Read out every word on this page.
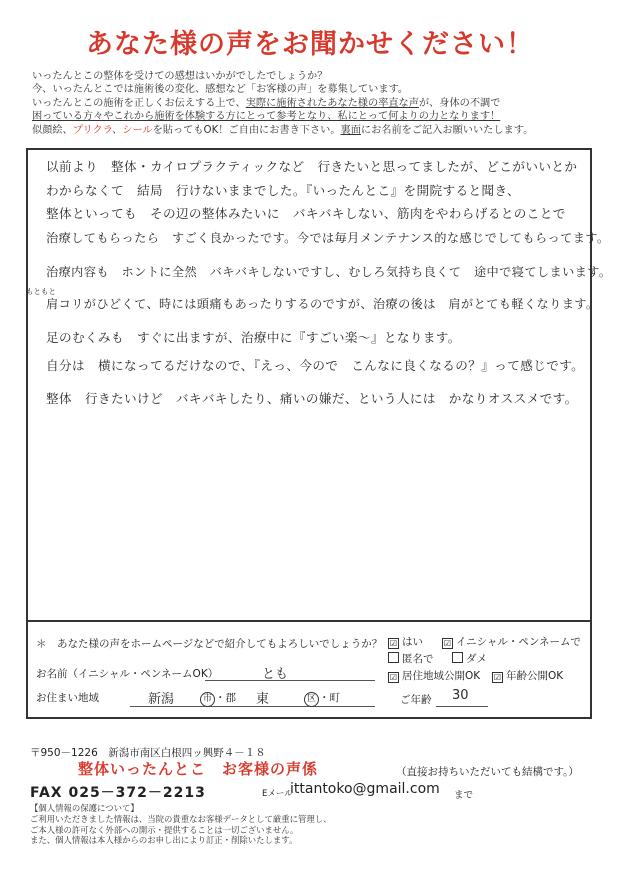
あなた様の声をお聞かせください！

いったんとこの整体を受けての感想はいかがでしたでしょうか？

今、いったんとこでは施術後の変化、感想など「お客様の声」を募集しています。

いったんとこの施術を正しくお伝えする上で、実際に施術されたあなた様の率直な声が、身体の不調で

困っている方々やこれから施術を体験する方にとって参考となり、私にとって何よりの力となります！

似顔絵、プリクラ、シールを貼ってもOK！ご自由にお書き下さい。裏面にお名前をご記入お願いいたします。

以前より　整体・カイロプラクティックなど　行きたいと思ってましたが、どこがいいとか
わからなくて　結局　行けないままでした。『いったんとこ』を開院すると聞き、
整体といっても　その辺の整体みたいに　バキバキしない、筋肉をやわらげるとのことで
治療してもらったら　すごく良かったです。今では毎月メンテナンス的な感じでしてもらってます。
治療内容も　ホントに全然　バキバキしないですし、むしろ気持ち良くて　途中で寝てしまいます。
もともと
肩コリがひどくて、時には頭痛もあったりするのですが、治療の後は　肩がとても軽くなります。
足のむくみも　すぐに出ますが、治療中に『すごい楽～』となります。
自分は　横になってるだけなので、『えっ、今ので　こんなに良くなるの？』って感じです。
整体　行きたいけど　バキバキしたり、痛いの嫌だ、という人には　かなりオススメです。
＊　あなた様の声をホームページなどで紹介してもよろしいでしょうか？ ☑ はい	☑ イニシャル・ペンネームで
匿名で	ダメ
☑ 居住地域公開OK ☑ 年齢公開OK
お名前（イニシャル・ペンネームOK）	とも
お住まい地域	新潟	市 ・郡 東	区 ・町	ご年齢 30
〒950－1226　新潟市南区白根四ッ興野４－１８
整体いったんとこ　お客様の声係	（直接お持ちいただいても結構です。）
FAX 025－372－2213	Eメール
ittantoko@gmail.com まで

【個人情報の保護について】

ご利用いただきました情報は、当院の貴重なお客様データとして厳重に管理し、

ご本人様の許可なく外部への開示・提供することは一切ございません。

また、個人情報は本人様からのお申し出により訂正・削除いたします。
